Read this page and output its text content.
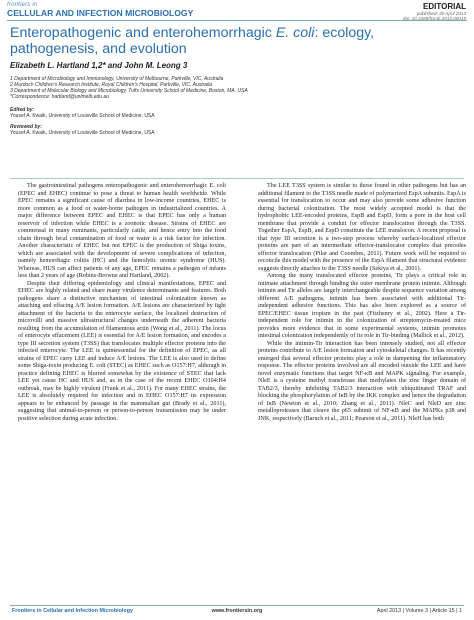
frontiers in
CELLULAR AND INFECTION MICROBIOLOGY
EDITORIAL
published: 30 April 2013
doi: 10.3389/fcimb.2013.00015
Enteropathogenic and enterohemorrhagic E. coli: ecology, pathogenesis, and evolution
Elizabeth L. Hartland 1,2* and John M. Leong 3
1 Department of Microbiology and Immunology, University of Melbourne, Parkville, VIC, Australia
2 Murdoch Children's Research Institute, Royal Children's Hospital, Parkville, VIC, Australia
3 Department of Molecular Biology and Microbiology, Tufts University School of Medicine, Boston, MA, USA
*Correspondence: hartland@unimelb.edu.au
Edited by:
Yousef A. Kwaik, University of Louisville School of Medicine, USA
Reviewed by:
Yousef A. Kwaik, University of Louisville School of Medicine, USA

The gastrointestinal pathogens enteropathogenic and enterohemorrhagic E. coli (EPEC and EHEC) continue to pose a threat to human health worldwide. While EPEC remains a significant cause of diarrhea in low-income countries, EHEC is more common as a food or water-borne pathogen in industrialized countries. A major difference between EPEC and EHEC is that EPEC has only a human reservoir of infection while EHEC is a zoonotic disease. Strains of EHEC are commensal in many ruminants, particularly cattle, and hence entry into the food chain through fecal contamination of food or water is a risk factor for infection. Another characteristic of EHEC but not EPEC is the production of Shiga toxins, which are associated with the development of severe complications of infection, namely hemorrhagic colitis (HC) and the hemolytic uremic syndrome (HUS). Whereas, HUS can affect patients of any age, EPEC remains a pathogen of infants less than 2 years of age (Robins-Browne and Hartland, 2002).

Despite their differing epidemiology and clinical manifestations, EPEC and EHEC are highly related and share many virulence determinants and features. Both pathogens share a distinctive mechanism of intestinal colonization known as attaching and effacing A/E lesion formation. A/E lesions are characterized by tight attachment of the bacteria to the enterocyte surface, the localized destruction of microvilli and massive ultrastructural changes underneath the adherent bacteria resulting from the accumulation of filamentous actin (Wong et al., 2011). The locus of enterocyte effacement (LEE) is essential for A/E lesion formation, and encodes a type III secretion system (T3SS) that translocates multiple effector proteins into the infected enterocyte. The LEE is quintessential for the definition of EPEC, as all strains of EPEC carry LEE and induce A/E lesions. The LEE is also used to define some Shiga-toxin producing E. coli (STEC) as EHEC such as O157:H7, although in practice defining EHEC is blurred somewhat by the existence of STEC that lack LEE yet cause HC and HUS and, as in the case of the recent EHEC O104:H4 outbreak, may be highly virulent (Frank et al., 2011). For many EHEC strains, the LEE is absolutely required for infection and in EHEC O157:H7 its expression appears to be enhanced by passage in the mammalian gut (Brady et al., 2011), suggesting that animal-to-person or person-to-person transmission may be under positive selection during acute infection.

The LEE T3SS system is similar to those found in other pathogens but has an additional filament to the T3SS needle made of polymerized EspA subunits. EspA is essential for translocation to occur and may also provide some adhesive function during bacterial colonization. The most widely accepted model is that the hydrophobic LEE-encoded proteins, EspB and EspD, form a pore in the host cell membrane that provide a conduit for effector translocation through the T3SS. Together EspA, EspB, and EspD constitute the LEE translocon. A recent proposal is that type III secretion is a two-step process whereby surface-localized effector proteins are part of an intermediate effector-translocator complex that precedes effector translocation (Pilar and Coombes, 2011). Future work will be required to reconcile this model with the presence of the EspA filament that structural evidence suggests directly attaches to the T3SS needle (Sekiya et al., 2001).

Among the many translocated effector proteins, Tir plays a critical role in intimate attachment through binding the outer membrane protein intimin. Although intimin and Tir alleles are largely interchangeable despite sequence variation among different A/E pathogens, intimin has been associated with additional Tir-independent adhesive functions. This has also been explored as a source of EPEC/EHEC tissue tropism in the past (Fitzhenry et al., 2002). Here a Tir-independent role for intimin in the colonization of streptomycin-treated mice provides more evidence that in some experimental systems, intimin promotes intestinal colonization independently of its role in Tir-binding (Mallick et al., 2012).

While the intimin-Tir interaction has been intensely studied, not all effector proteins contribute to A/E lesion formation and cytoskeletal changes. It has recently emerged that several effector proteins play a role in dampening the inflammatory response. The effector proteins involved are all encoded outside the LEE and have novel enzymatic functions that target NF-κB and MAPK signaling. For example, NleE is a cysteine methyl transferase that methylates the zinc finger domain of TAB2/3, thereby inhibiting TAB2/3 interaction with ubiquitinated TRAF and blocking the phosphorylation of IκB by the IKK complex and hence the degradation of IκB (Newton et al., 2010; Zhang et al., 2011). NleC and NleD are zinc metalloproteases that cleave the p65 subunit of NF-κB and the MAPKs p38 and JNK, respectively (Baruch et al., 2011; Pearson et al., 2011). NleH has both

Frontiers in Cellular and Infection Microbiology	www.frontiersin.org	April 2013 | Volume 3 | Article 15 | 1
